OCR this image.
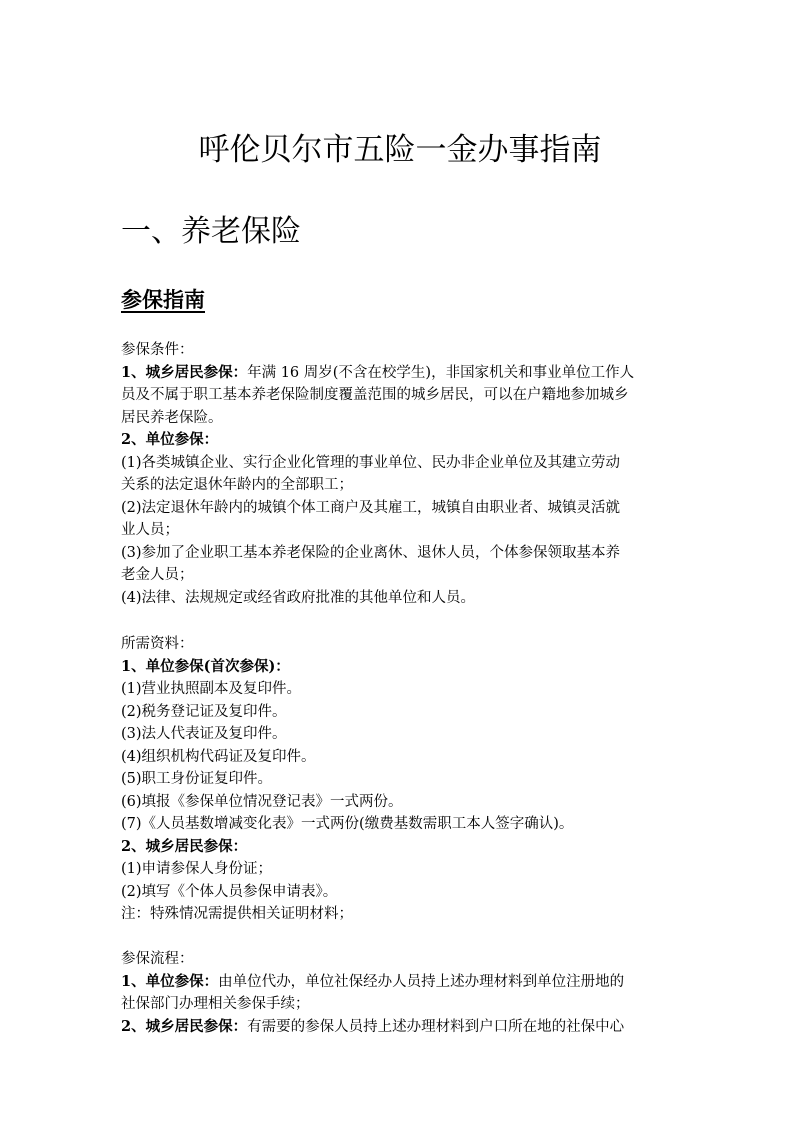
呼伦贝尔市五险一金办事指南
一、养老保险
参保指南
参保条件：
1、城乡居民参保：年满 16 周岁(不含在校学生)，非国家机关和事业单位工作人
员及不属于职工基本养老保险制度覆盖范围的城乡居民，可以在户籍地参加城乡
居民养老保险。
2、单位参保：
(1)各类城镇企业、实行企业化管理的事业单位、民办非企业单位及其建立劳动
关系的法定退休年龄内的全部职工；
(2)法定退休年龄内的城镇个体工商户及其雇工，城镇自由职业者、城镇灵活就
业人员；
(3)参加了企业职工基本养老保险的企业离休、退休人员，个体参保领取基本养
老金人员；
(4)法律、法规规定或经省政府批准的其他单位和人员。
所需资料：
1、单位参保(首次参保)：
(1)营业执照副本及复印件。
(2)税务登记证及复印件。
(3)法人代表证及复印件。
(4)组织机构代码证及复印件。
(5)职工身份证复印件。
(6)填报《参保单位情况登记表》一式两份。
(7)《人员基数增减变化表》一式两份(缴费基数需职工本人签字确认)。
2、城乡居民参保：
(1)申请参保人身份证；
(2)填写《个体人员参保申请表》。
注：特殊情况需提供相关证明材料；
参保流程：
1、单位参保：由单位代办，单位社保经办人员持上述办理材料到单位注册地的
社保部门办理相关参保手续；
2、城乡居民参保：有需要的参保人员持上述办理材料到户口所在地的社保中心
